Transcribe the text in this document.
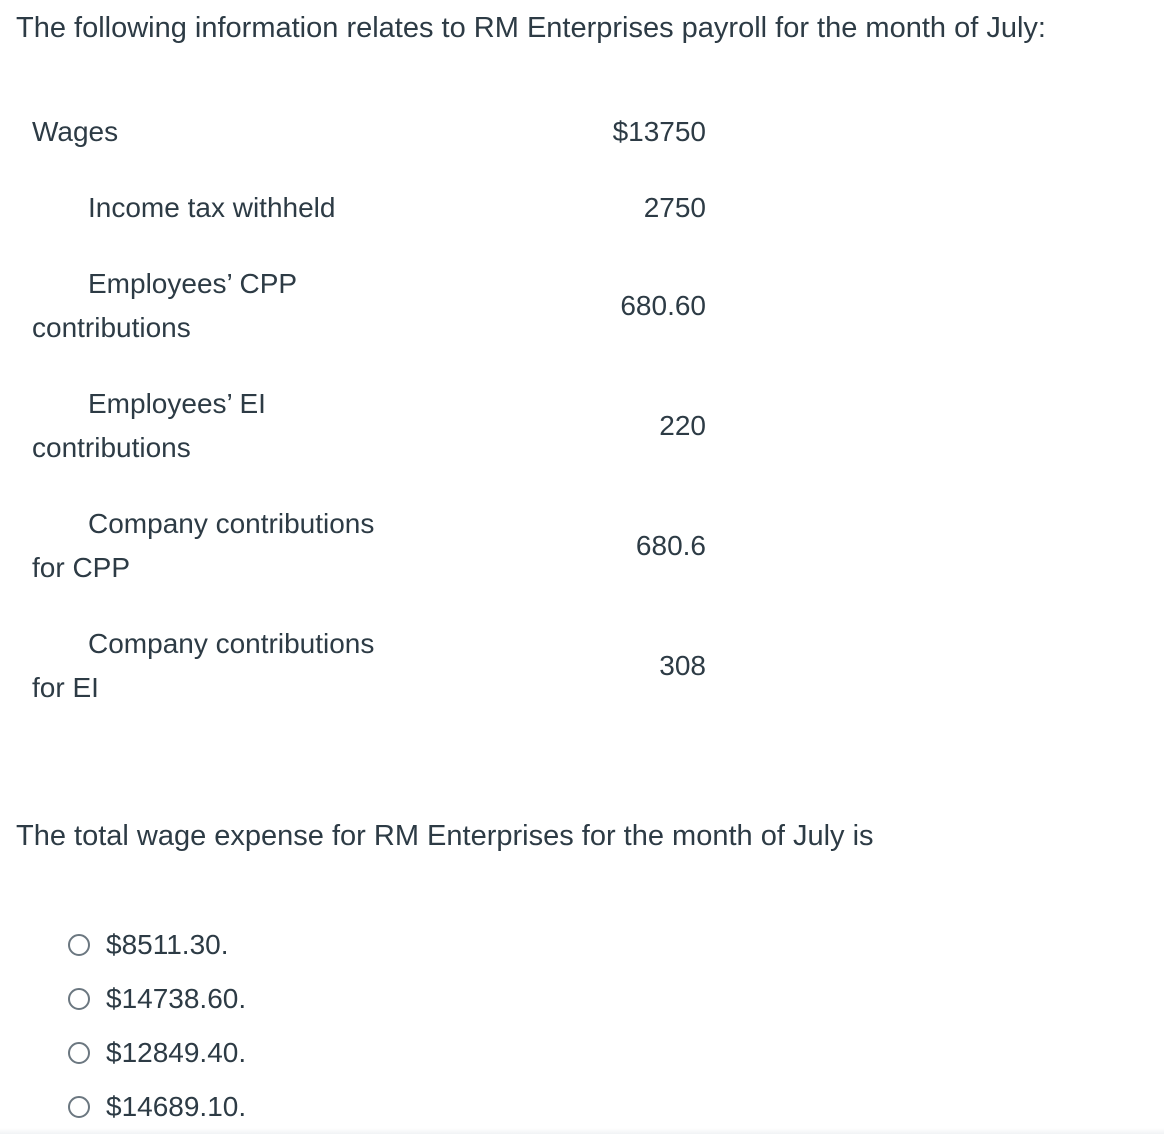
The following information relates to RM Enterprises payroll for the month of July:
Wages	$13750
Income tax withheld	2750
Employees’ CPP
contributions
680.60
Employees’ EI
contributions
220
Company contributions
for CPP
680.6
Company contributions
for EI
308
The total wage expense for RM Enterprises for the month of July is
$8511.30.
$14738.60.
$12849.40.
$14689.10.
